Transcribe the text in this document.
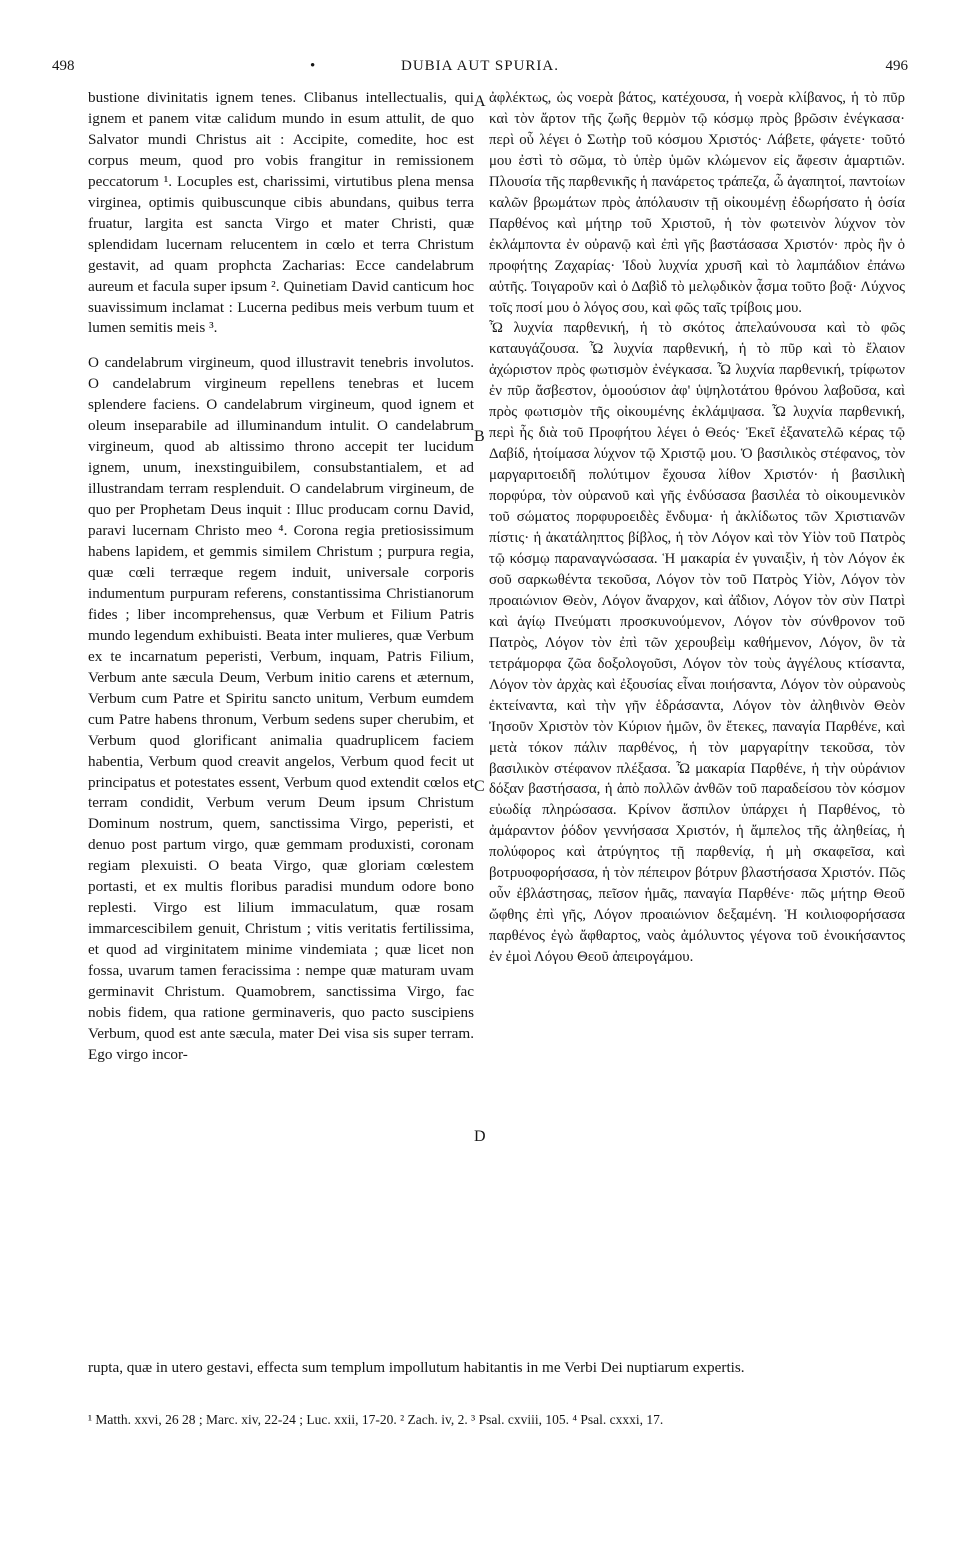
498	•	DUBIA AUT SPURIA.	496

bustione divinitatis ignem tenes. Clibanus intellectualis, qui ignem et panem vitæ calidum mundo in esum attulit, de quo Salvator mundi Christus ait : Accipite, comedite, hoc est corpus meum, quod pro vobis frangitur in remissionem peccatorum ¹. Locuples est, charissimi, virtutibus plena mensa virginea, optimis quibuscunque cibis abundans, quibus terra fruatur, largita est sancta Virgo et mater Christi, quæ splendidam lucernam relucentem in cœlo et terra Christum gestavit, ad quam prophcta Zacharias: Ecce candelabrum aureum et facula super ipsum ². Quinetiam David canticum hoc suavissimum inclamat : Lucerna pedibus meis verbum tuum et lumen semitis meis ³.

O candelabrum virgineum, quod illustravit tenebris involutos. O candelabrum virgineum repellens tenebras et lucem splendere faciens. O candelabrum virgineum, quod ignem et oleum inseparabile ad illuminandum intulit. O candelabrum virgineum, quod ab altissimo throno accepit ter lucidum ignem, unum, inexstinguibilem, consubstantialem, et ad illustrandam terram resplenduit. O candelabrum virgineum, de quo per Prophetam Deus inquit : Illuc producam cornu David, paravi lucernam Christo meo ⁴. Corona regia pretiosissimum habens lapidem, et gemmis similem Christum ; purpura regia, quæ cœli terræque regem induit, universale corporis indumentum purpuram referens, constantissima Christianorum fides ; liber incomprehensus, quæ Verbum et Filium Patris mundo legendum exhibuisti. Beata inter mulieres, quæ Verbum ex te incarnatum peperisti, Verbum, inquam, Patris Filium, Verbum ante sæcula Deum, Verbum initio carens et æternum, Verbum cum Patre et Spiritu sancto unitum, Verbum eumdem cum Patre habens thronum, Verbum sedens super cherubim, et Verbum quod glorificant animalia quadruplicem faciem habentia, Verbum quod creavit angelos, Verbum quod fecit ut principatus et potestates essent, Verbum quod extendit cœlos et terram condidit, Verbum verum Deum ipsum Christum Dominum nostrum, quem, sanctissima Virgo, peperisti, et denuo post partum virgo, quæ gemmam produxisti, coronam regiam plexuisti. O beata Virgo, quæ gloriam cœlestem portasti, et ex multis floribus paradisi mundum odore bono replesti. Virgo est lilium immaculatum, quæ rosam immarcescibilem genuit, Christum ; vitis veritatis fertilissima, et quod ad virginitatem minime vindemiata ; quæ licet non fossa, uvarum tamen feracissima : nempe quæ maturam uvam germinavit Christum. Quamobrem, sanctissima Virgo, fac nobis fidem, qua ratione germinaveris, quo pacto suscipiens Verbum, quod est ante sæcula, mater Dei visa sis super terram. Ego virgo incor-

A
B
C
D

ἀφλέκτως, ὡς νοερὰ βάτος, κατέχουσα, ἡ νοερὰ κλίβανος, ἡ τὸ πῦρ καὶ τὸν ἄρτον τῆς ζωῆς θερμὸν τῷ κόσμῳ πρὸς βρῶσιν ἐνέγκασα· περὶ οὗ λέγει ὁ Σωτὴρ τοῦ κόσμου Χριστός· Λάβετε, φάγετε· τοῦτό μου ἐστὶ τὸ σῶμα, τὸ ὑπὲρ ὑμῶν κλώμενον εἰς ἄφεσιν ἁμαρτιῶν. Πλουσία τῆς παρθενικῆς ἡ πανάρετος τράπεζα, ὦ ἀγαπητοί, παντοίων καλῶν βρωμάτων πρὸς ἀπόλαυσιν τῇ οἰκουμένῃ ἐδωρήσατο ἡ ὁσία Παρθένος καὶ μήτηρ τοῦ Χριστοῦ, ἡ τὸν φωτεινὸν λύχνον τὸν ἐκλάμποντα ἐν οὐρανῷ καὶ ἐπὶ γῆς βαστάσασα Χριστόν· πρὸς ἣν ὁ προφήτης Ζαχαρίας· Ἰδοὺ λυχνία χρυσῆ καὶ τὸ λαμπάδιον ἐπάνω αὐτῆς. Τοιγαροῦν καὶ ὁ Δαβὶδ τὸ μελῳδικὸν ᾆσμα τοῦτο βοᾷ· Λύχνος τοῖς ποσί μου ὁ λόγος σου, καὶ φῶς ταῖς τρίβοις μου.

Ὦ λυχνία παρθενική, ἡ τὸ σκότος ἀπελαύνουσα καὶ τὸ φῶς καταυγάζουσα. Ὦ λυχνία παρθενική, ἡ τὸ πῦρ καὶ τὸ ἔλαιον ἀχώριστον πρὸς φωτισμὸν ἐνέγκασα. Ὦ λυχνία παρθενική, τρίφωτον ἐν πῦρ ἄσβεστον, ὁμοούσιον ἀφ' ὑψηλοτάτου θρόνου λαβοῦσα, καὶ πρὸς φωτισμὸν τῆς οἰκουμένης ἐκλάμψασα. Ὦ λυχνία παρθενική, περὶ ἧς διὰ τοῦ Προφήτου λέγει ὁ Θεός· Ἐκεῖ ἐξανατελῶ κέρας τῷ Δαβίδ, ἡτοίμασα λύχνον τῷ Χριστῷ μου. Ὁ βασιλικὸς στέφανος, τὸν μαργαριτοειδῆ πολύτιμον ἔχουσα λίθον Χριστόν· ἡ βασιλικὴ πορφύρα, τὸν οὐρανοῦ καὶ γῆς ἐνδύσασα βασιλέα τὸ οἰκουμενικὸν τοῦ σώματος πορφυροειδὲς ἔνδυμα· ἡ ἀκλίδωτος τῶν Χριστιανῶν πίστις· ἡ ἀκατάληπτος βίβλος, ἡ τὸν Λόγον καὶ τὸν Υἱὸν τοῦ Πατρὸς τῷ κόσμῳ παραναγνώσασα. Ἡ μακαρία ἐν γυναιξὶν, ἡ τὸν Λόγον ἐκ σοῦ σαρκωθέντα τεκοῦσα, Λόγον τὸν τοῦ Πατρὸς Υἱὸν, Λόγον τὸν προαιώνιον Θεὸν, Λόγον ἄναρχον, καὶ ἀΐδιον, Λόγον τὸν σὺν Πατρὶ καὶ ἁγίῳ Πνεύματι προσκυνούμενον, Λόγον τὸν σύνθρονον τοῦ Πατρὸς, Λόγον τὸν ἐπὶ τῶν χερουβεὶμ καθήμενον, Λόγον, ὃν τὰ τετράμορφα ζῶα δοξολογοῦσι, Λόγον τὸν τοὺς ἀγγέλους κτίσαντα, Λόγον τὸν ἀρχὰς καὶ ἐξουσίας εἶναι ποιήσαντα, Λόγον τὸν οὐρανοὺς ἐκτείναντα, καὶ τὴν γῆν ἑδράσαντα, Λόγον τὸν ἀληθινὸν Θεὸν Ἰησοῦν Χριστὸν τὸν Κύριον ἡμῶν, ὃν ἔτεκες, παναγία Παρθένε, καὶ μετὰ τόκον πάλιν παρθένος, ἡ τὸν μαργαρίτην τεκοῦσα, τὸν βασιλικὸν στέφανον πλέξασα. Ὦ μακαρία Παρθένε, ἡ τὴν οὐράνιον δόξαν βαστήσασα, ἡ ἀπὸ πολλῶν ἀνθῶν τοῦ παραδείσου τὸν κόσμον εὐωδίᾳ πληρώσασα. Κρίνον ἄσπιλον ὑπάρχει ἡ Παρθένος, τὸ ἀμάραντον ῥόδον γεννήσασα Χριστόν, ἡ ἄμπελος τῆς ἀληθείας, ἡ πολύφορος καὶ ἀτρύγητος τῇ παρθενίᾳ, ἡ μὴ σκαφεῖσα, καὶ βοτρυοφορήσασα, ἡ τὸν πέπειρον βότρυν βλαστήσασα Χριστόν. Πῶς οὖν ἐβλάστησας, πεῖσον ἡμᾶς, παναγία Παρθένε· πῶς μήτηρ Θεοῦ ὤφθης ἐπὶ γῆς, Λόγον προαιώνιον δεξαμένη. Ἡ κοιλιοφορήσασα παρθένος ἐγὼ ἄφθαρτος, ναὸς ἀμόλυντος γέγονα τοῦ ἐνοικήσαντος ἐν ἐμοὶ Λόγου Θεοῦ ἀπειρογάμου.

rupta, quæ in utero gestavi, effecta sum templum impollutum habitantis in me Verbi Dei nuptiarum expertis.

¹ Matth. xxvi, 26 28 ; Marc. xiv, 22-24 ; Luc. xxii, 17-20. ² Zach. iv, 2. ³ Psal. cxviii, 105. ⁴ Psal. cxxxi, 17.
